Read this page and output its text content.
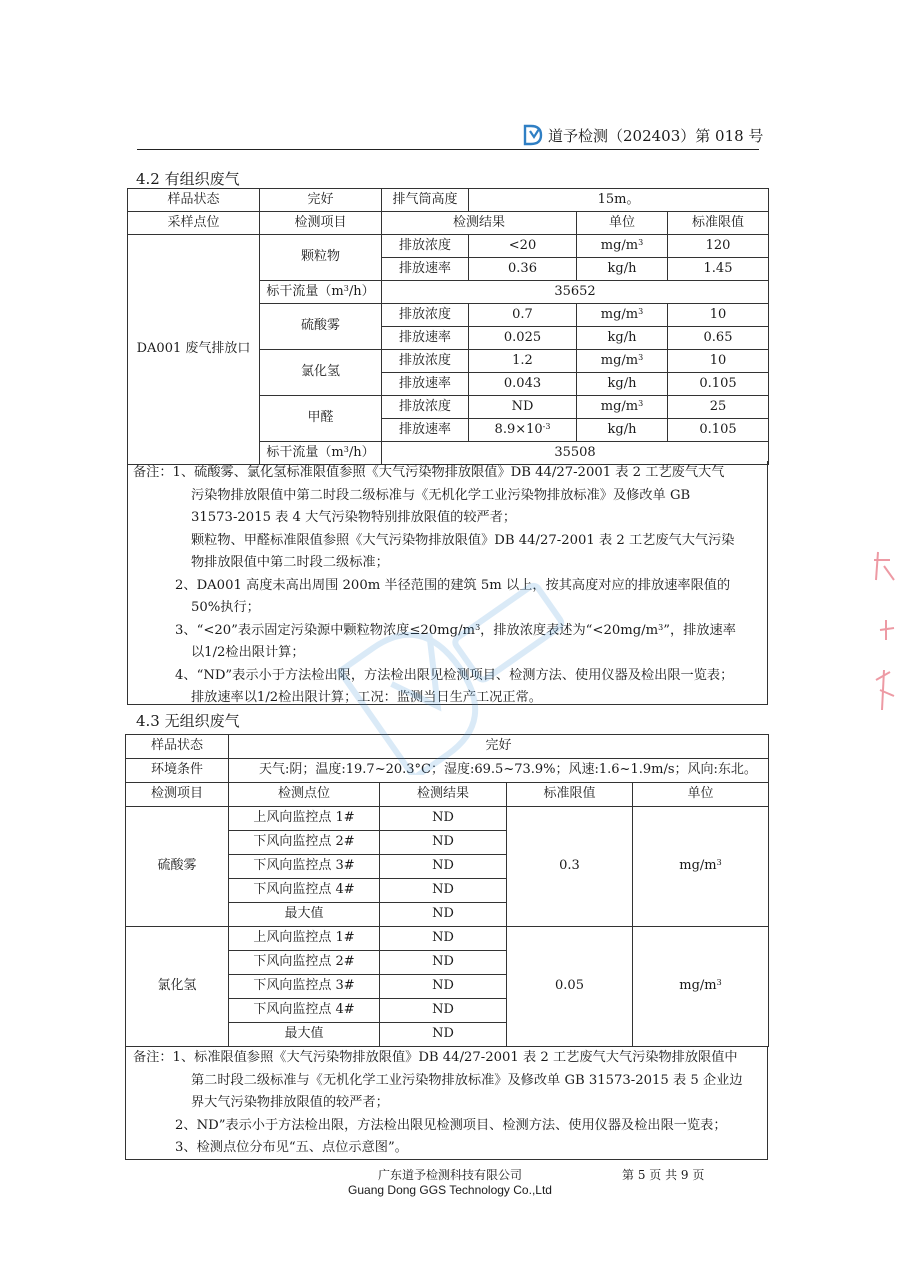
道予检测（202403）第 018 号
4.2 有组织废气
样品状态	完好	排气筒高度	15m。		
采样点位	检测项目	检测结果		单位	标准限值
DA001 废气排放口	颗粒物	排放浓度	<20	$mg/m^3$	120
		排放速率	0.36	kg/h	1.45
	标干流量$(m^3/h)$	35652			
	硫酸雾	排放浓度	0.7	$mg/m^3$	10
		排放速率	0.025	kg/h	0.65
	氯化氢	排放浓度	1.2	$mg/m^3$	10
		排放速率	0.043	kg/h	0.105
	甲醛	排放浓度	ND	$mg/m^3$	25
		排放速率	$8.9\times 10^{-3}$	kg/h	0.105
	标干流量$(m^3/h)$	35508			
备注：1、硫酸雾、氯化氢标准限值参照《大气污染物排放限值》DB 44/27-2001 表 2 工艺废气大气
污染物排放限值中第二时段二级标准与《无机化学工业污染物排放标准》及修改单 GB
31573-2015 表 4 大气污染物特别排放限值的较严者；
颗粒物、甲醛标准限值参照《大气污染物排放限值》DB 44/27-2001 表 2 工艺废气大气污染
物排放限值中第二时段二级标准；
2、DA001 高度未高出周围 200m 半径范围的建筑 5m 以上，按其高度对应的排放速率限值的
50%执行；
3、“<20”表示固定污染源中颗粒物浓度$\le 20mg/m^3$，排放浓度表述为“$<20mg/m^3$”，排放速率
以1/2检出限计算；
4、“ND”表示小于方法检出限，方法检出限见检测项目、检测方法、使用仪器及检出限一览表；
排放速率以1/2检出限计算；工况：监测当日生产工况正常。
4.3 无组织废气
样品状态	完好			
环境条件	天气:阴；温度:19.7~20.3°C；湿度:69.5~73.9%；风速:1.6~1.9m/s；风向:东北。			
检测项目	检测点位	检测结果	标准限值	单位
硫酸雾	上风向监控点 1#	ND	0.3	$mg/m^3$
	下风向监控点 2#	ND		
	下风向监控点 3#	ND		
	下风向监控点 4#	ND		
	最大值	ND		
氯化氢	上风向监控点 1#	ND	0.05	$mg/m^3$
	下风向监控点 2#	ND		
	下风向监控点 3#	ND		
	下风向监控点 4#	ND		
	最大值	ND		
备注：1、标准限值参照《大气污染物排放限值》DB 44/27-2001 表 2 工艺废气大气污染物排放限值中
第二时段二级标准与《无机化学工业污染物排放标准》及修改单 GB 31573-2015 表 5 企业边
界大气污染物排放限值的较严者；
2、ND”表示小于方法检出限，方法检出限见检测项目、检测方法、使用仪器及检出限一览表；
3、检测点位分布见“五、点位示意图”。
广东道予检测科技有限公司
Guang Dong GGS Technology Co.,Ltd
第 5 页 共 9 页
